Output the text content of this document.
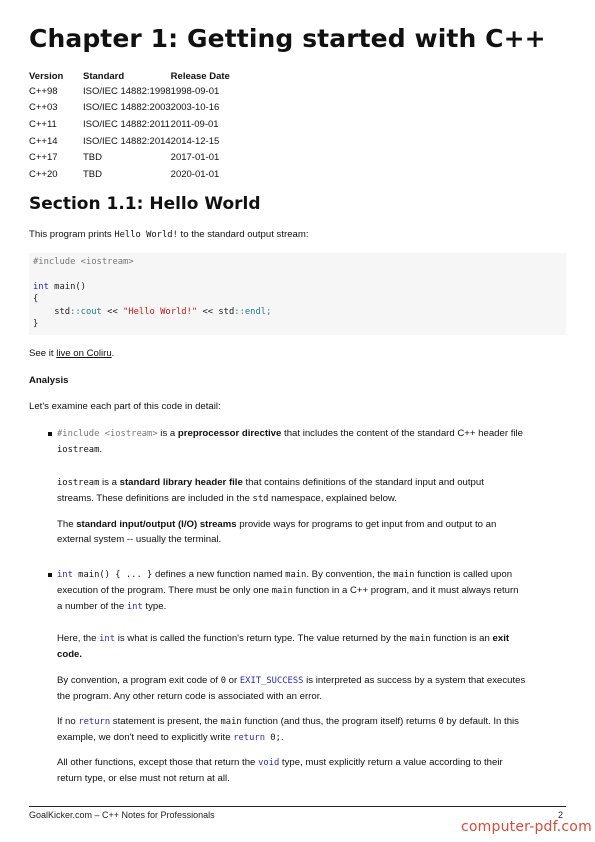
Chapter 1: Getting started with C++
Version	Standard	Release Date
C++98	ISO/IEC 14882:1998	1998-09-01
C++03	ISO/IEC 14882:2003	2003-10-16
C++11	ISO/IEC 14882:2011	2011-09-01
C++14	ISO/IEC 14882:2014	2014-12-15
C++17	TBD	2017-01-01
C++20	TBD	2020-01-01
Section 1.1: Hello World

This program prints Hello World! to the standard output stream:

#include <iostream>

int main()
{
std::cout << "Hello World!" << std::endl;
}

See it live on Coliru.

Analysis

Let's examine each part of this code in detail:

#include <iostream> is a preprocessor directive that includes the content of the standard C++ header file
iostream.

iostream is a standard library header file that contains definitions of the standard input and output
streams. These definitions are included in the std namespace, explained below.

The standard input/output (I/O) streams provide ways for programs to get input from and output to an
external system -- usually the terminal.

int main() { ... } defines a new function named main. By convention, the main function is called upon
execution of the program. There must be only one main function in a C++ program, and it must always return
a number of the int type.

Here, the int is what is called the function's return type. The value returned by the main function is an exit
code.

By convention, a program exit code of 0 or EXIT_SUCCESS is interpreted as success by a system that executes
the program. Any other return code is associated with an error.

If no return statement is present, the main function (and thus, the program itself) returns 0 by default. In this
example, we don't need to explicitly write return 0;.

All other functions, except those that return the void type, must explicitly return a value according to their
return type, or else must not return at all.

GoalKicker.com – C++ Notes for Professionals	2
computer-pdf.com
